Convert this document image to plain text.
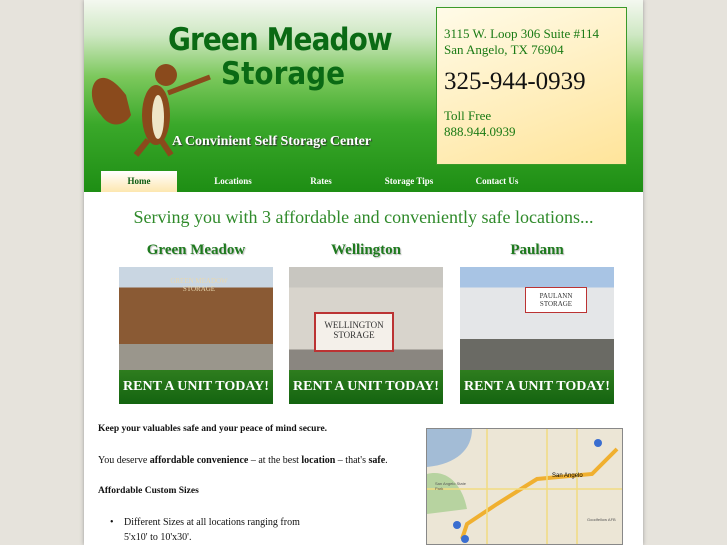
Green Meadow
Storage
A Convinient Self Storage Center
3115 W. Loop 306 Suite #114
San Angelo, TX 76904
325-944-0939
Toll Free
888.944.0939
Home	Locations	Rates	Storage Tips	Contact Us
Serving you with 3 affordable and conveniently safe locations...
Green Meadow
GREEN MEADOW STORAGE
RENT A UNIT TODAY!
Wellington
WELLINGTON STORAGE
RENT A UNIT TODAY!
Paulann
PAULANN STORAGE
RENT A UNIT TODAY!
Keep your valuables safe and your peace of mind secure.
You deserve affordable convenience – at the best location – that's safe.
Affordable Custom Sizes
• Different Sizes at all locations ranging from 5'x10' to 10'x30'.
San Angelo
San Angelo State Park
Goodfellow AFB
